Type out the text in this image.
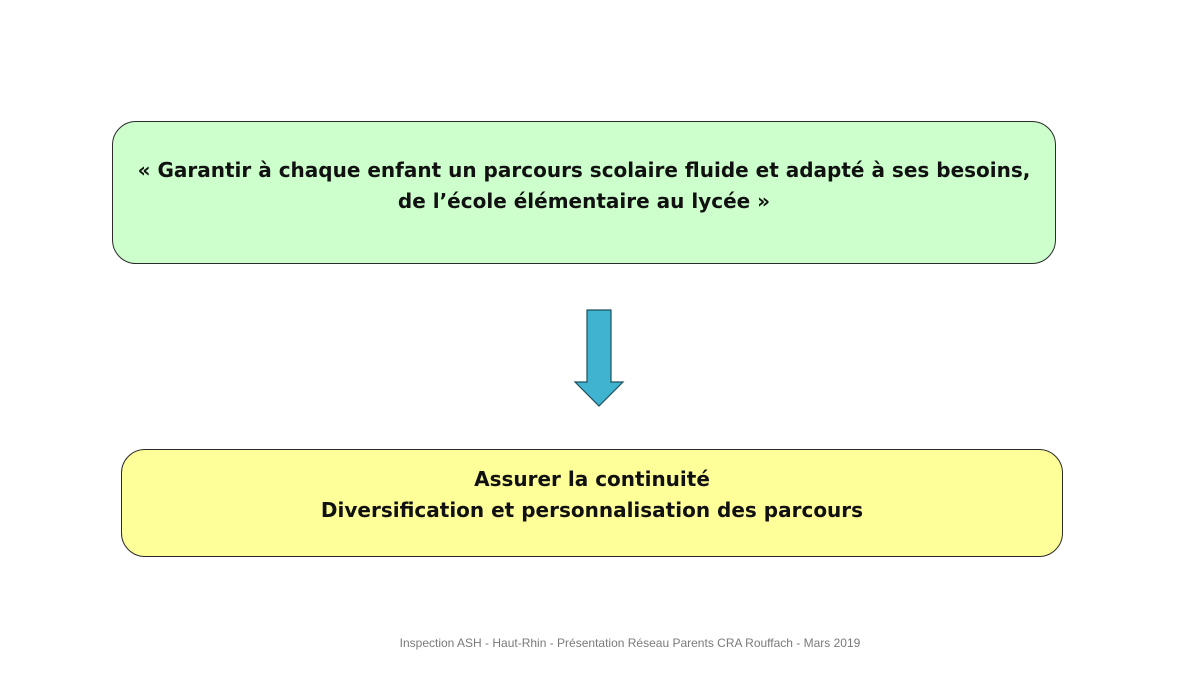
« Garantir à chaque enfant un parcours scolaire fluide et adapté à ses besoins,
de l’école élémentaire au lycée »
Assurer la continuité
Diversification et personnalisation des parcours
Inspection ASH - Haut-Rhin - Présentation Réseau Parents CRA Rouffach - Mars 2019
